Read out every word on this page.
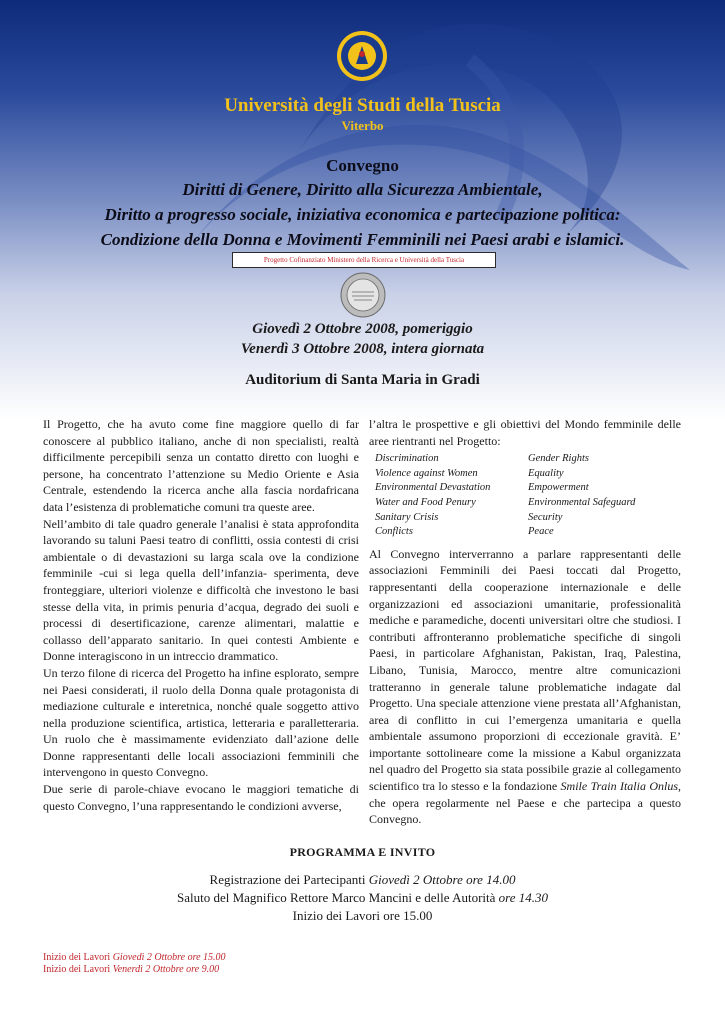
Università degli Studi della Tuscia
Viterbo
Convegno
Diritti di Genere, Diritto alla Sicurezza Ambientale,
Diritto a progresso sociale, iniziativa economica e partecipazione politica:
Condizione della Donna e Movimenti Femminili nei Paesi arabi e islamici.
Progetto Cofinanziato Ministero della Ricerca e Università della Tuscia
Giovedì 2 Ottobre 2008, pomeriggio
Venerdì 3 Ottobre 2008, intera giornata
Auditorium di Santa Maria in Gradi

Il Progetto, che ha avuto come fine maggiore quello di far conoscere al pubblico italiano, anche di non specialisti, realtà difficilmente percepibili senza un contatto diretto con luoghi e persone, ha concentrato l’attenzione su Medio Oriente e Asia Centrale, estendendo la ricerca anche alla fascia nordafricana data l’esistenza di problematiche comuni tra queste aree.

Nell’ambito di tale quadro generale l’analisi è stata approfondita lavorando su taluni Paesi teatro di conflitti, ossia contesti di crisi ambientale o di devastazioni su larga scala ove la condizione femminile -cui si lega quella dell’infanzia- sperimenta, deve fronteggiare, ulteriori violenze e difficoltà che investono le basi stesse della vita, in primis penuria d’acqua, degrado dei suoli e processi di desertificazione, carenze alimentari, malattie e collasso dell’apparato sanitario. In quei contesti Ambiente e Donne interagiscono in un intreccio drammatico.

Un terzo filone di ricerca del Progetto ha infine esplorato, sempre nei Paesi considerati, il ruolo della Donna quale protagonista di mediazione culturale e interetnica, nonché quale soggetto attivo nella produzione scientifica, artistica, letteraria e paralletteraria. Un ruolo che è massimamente evidenziato dall’azione delle Donne rappresentanti delle locali associazioni femminili che intervengono in questo Convegno.

Due serie di parole-chiave evocano le maggiori tematiche di questo Convegno, l’una rappresentando le condizioni avverse,

l’altra le prospettive e gli obiettivi del Mondo femminile delle aree rientranti nel Progetto:

Discrimination
Violence against Women
Environmental Devastation
Water and Food Penury
Sanitary Crisis
Conflicts
Gender Rights
Equality
Empowerment
Environmental Safeguard
Security
Peace

Al Convegno interverranno a parlare rappresentanti delle associazioni Femminili dei Paesi toccati dal Progetto, rappresentanti della cooperazione internazionale e delle organizzazioni ed associazioni umanitarie, professionalità mediche e paramediche, docenti universitari oltre che studiosi. I contributi affronteranno problematiche specifiche di singoli Paesi, in particolare Afghanistan, Pakistan, Iraq, Palestina, Libano, Tunisia, Marocco, mentre altre comunicazioni tratteranno in generale talune problematiche indagate dal Progetto. Una speciale attenzione viene prestata all’Afghanistan, area di conflitto in cui l’emergenza umanitaria e quella ambientale assumono proporzioni di eccezionale gravità. E’ importante sottolineare come la missione a Kabul organizzata nel quadro del Progetto sia stata possibile grazie al collegamento scientifico tra lo stesso e la fondazione Smile Train Italia Onlus, che opera regolarmente nel Paese e che partecipa a questo Convegno.

PROGRAMMA E INVITO
Registrazione dei Partecipanti Giovedì 2 Ottobre ore 14.00
Saluto del Magnifico Rettore Marco Mancini e delle Autorità ore 14.30
Inizio dei Lavori ore 15.00
Inizio dei Lavori Giovedì 2 Ottobre ore 15.00
Inizio dei Lavori Venerdì 2 Ottobre ore 9.00
